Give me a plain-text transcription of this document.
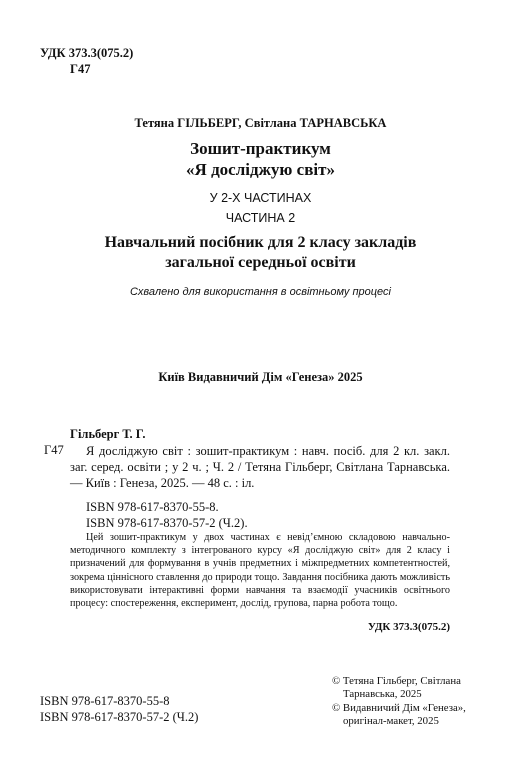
УДК 373.3(075.2)
Г47
Тетяна ГІЛЬБЕРГ, Світлана ТАРНАВСЬКА
Зошит-практикум
«Я досліджую світ»
У 2-Х ЧАСТИНАХ
ЧАСТИНА 2
Навчальний посібник для 2 класу закладів
загальної середньої освіти
Схвалено для використання в освітньому процесі
Київ Видавничий Дім «Генеза» 2025
Гільберг Т. Г.
Г47	Я досліджую світ : зошит-практикум : навч. посіб. для 2 кл. закл. заг. серед. освіти ; у 2 ч. ; Ч. 2 / Тетяна Гільберг, Світлана Тарнавська. — Київ : Генеза, 2025. — 48 с. : іл.
ISBN 978-617-8370-55-8.
ISBN 978-617-8370-57-2 (Ч.2).
Цей зошит-практикум у двох частинах є невід’ємною складовою навчально-методичного комплекту з інтегрованого курсу «Я досліджую світ» для 2 класу і призначений для формування в учнів предметних і міжпредметних компетентностей, зокрема ціннісного ставлення до природи тощо. Завдання посібника дають можливість використовувати інтерактивні форми навчання та взаємодії учасників освітнього процесу: спостереження, експеримент, дослід, групова, парна робота тощо.
УДК 373.3(075.2)
ISBN 978-617-8370-55-8
ISBN 978-617-8370-57-2 (Ч.2)
© Тетяна Гільберг, Світлана
Тарнавська, 2025
© Видавничий Дім «Генеза»,
оригінал-макет, 2025
